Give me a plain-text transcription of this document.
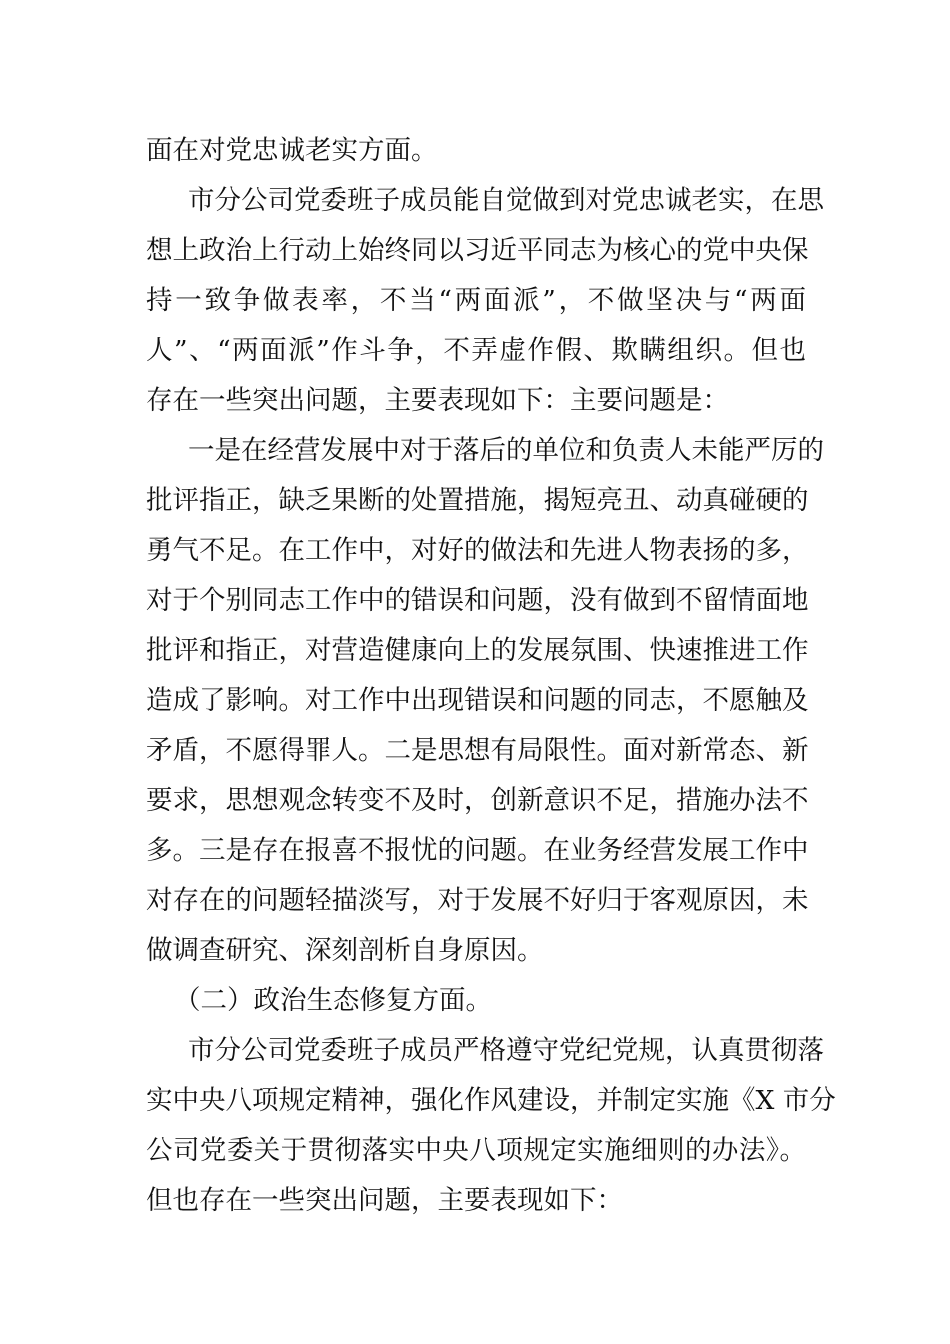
面在对党忠诚老实方面。
市分公司党委班子成员能自觉做到对党忠诚老实，在思
想上政治上行动上始终同以习近平同志为核心的党中央保
持一致争做表率，不当“两面派”，不做坚决与“两面
人”、“两面派”作斗争，不弄虚作假、欺瞒组织。但也
存在一些突出问题，主要表现如下：主要问题是：
一是在经营发展中对于落后的单位和负责人未能严厉的
批评指正，缺乏果断的处置措施，揭短亮丑、动真碰硬的
勇气不足。在工作中，对好的做法和先进人物表扬的多，
对于个别同志工作中的错误和问题，没有做到不留情面地
批评和指正，对营造健康向上的发展氛围、快速推进工作
造成了影响。对工作中出现错误和问题的同志，不愿触及
矛盾，不愿得罪人。二是思想有局限性。面对新常态、新
要求，思想观念转变不及时，创新意识不足，措施办法不
多。三是存在报喜不报忧的问题。在业务经营发展工作中
对存在的问题轻描淡写，对于发展不好归于客观原因，未
做调查研究、深刻剖析自身原因。
（二）政治生态修复方面。
市分公司党委班子成员严格遵守党纪党规，认真贯彻落
实中央八项规定精神，强化作风建设，并制定实施《X 市分
公司党委关于贯彻落实中央八项规定实施细则的办法》。
但也存在一些突出问题，主要表现如下：
